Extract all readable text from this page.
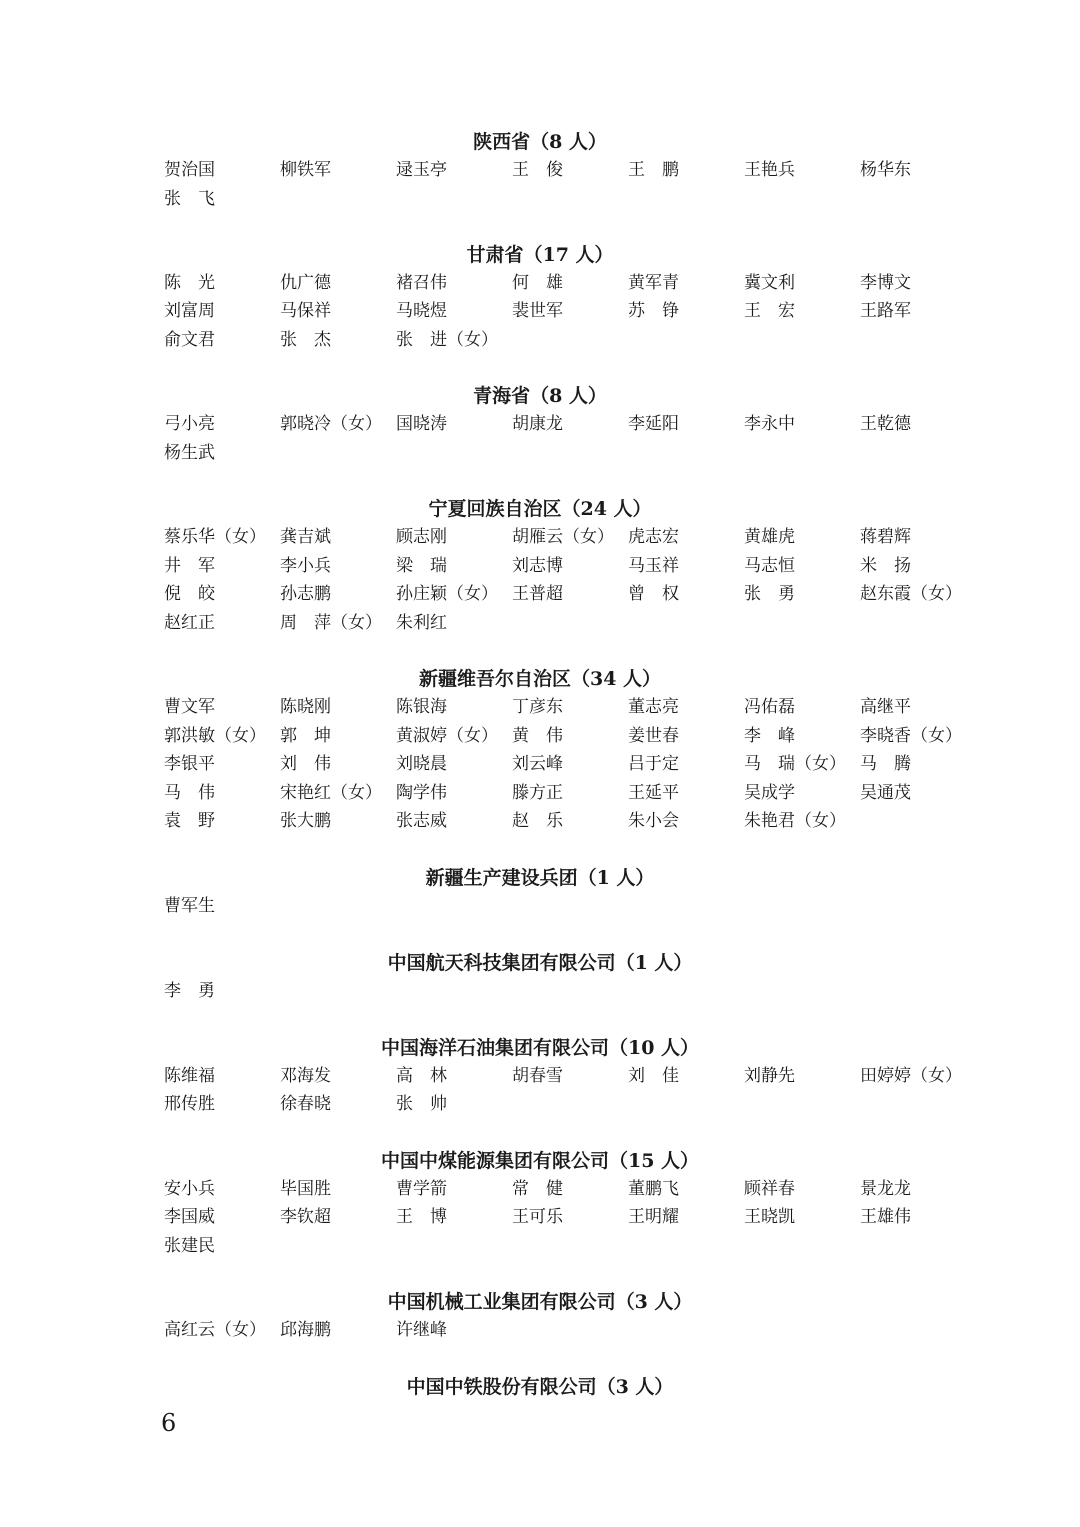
陕西省（8 人）
贺治国	柳铁军	逯玉亭	王　俊	王　鹏	王艳兵	杨华东
张　飞
甘肃省（17 人）
陈　光	仇广德	褚召伟	何　雄	黄军青	冀文利	李博文
刘富周	马保祥	马晓煜	裴世军	苏　铮	王　宏	王路军
俞文君	张　杰	张　进（女）
青海省（8 人）
弓小亮	郭晓冷（女） 国晓涛	胡康龙	李延阳	李永中	王乾德
杨生武
宁夏回族自治区（24 人）
蔡乐华（女） 龚吉斌	顾志刚	胡雁云（女） 虎志宏	黄雄虎	蒋碧辉
井　军	李小兵	梁　瑞	刘志博	马玉祥	马志恒	米　扬
倪　皎	孙志鹏	孙庄颖（女） 王普超	曾　权	张　勇	赵东霞（女）
赵红正	周　萍（女） 朱利红
新疆维吾尔自治区（34 人）
曹文军	陈晓刚	陈银海	丁彦东	董志亮	冯佑磊	高继平
郭洪敏（女） 郭　坤	黄淑婷（女） 黄　伟	姜世春	李　峰	李晓香（女）
李银平	刘　伟	刘晓晨	刘云峰	吕于定	马　瑞（女） 马　腾
马　伟	宋艳红（女） 陶学伟	滕方正	王延平	吴成学	吴通茂
袁　野	张大鹏	张志威	赵　乐	朱小会	朱艳君（女）
新疆生产建设兵团（1 人）
曹军生
中国航天科技集团有限公司（1 人）
李　勇
中国海洋石油集团有限公司（10 人）
陈维福	邓海发	高　林	胡春雪	刘　佳	刘静先	田婷婷（女）
邢传胜	徐春晓	张　帅
中国中煤能源集团有限公司（15 人）
安小兵	毕国胜	曹学箭	常　健	董鹏飞	顾祥春	景龙龙
李国威	李钦超	王　博	王可乐	王明耀	王晓凯	王雄伟
张建民
中国机械工业集团有限公司（3 人）
高红云（女） 邱海鹏	许继峰
中国中铁股份有限公司（3 人）
6
